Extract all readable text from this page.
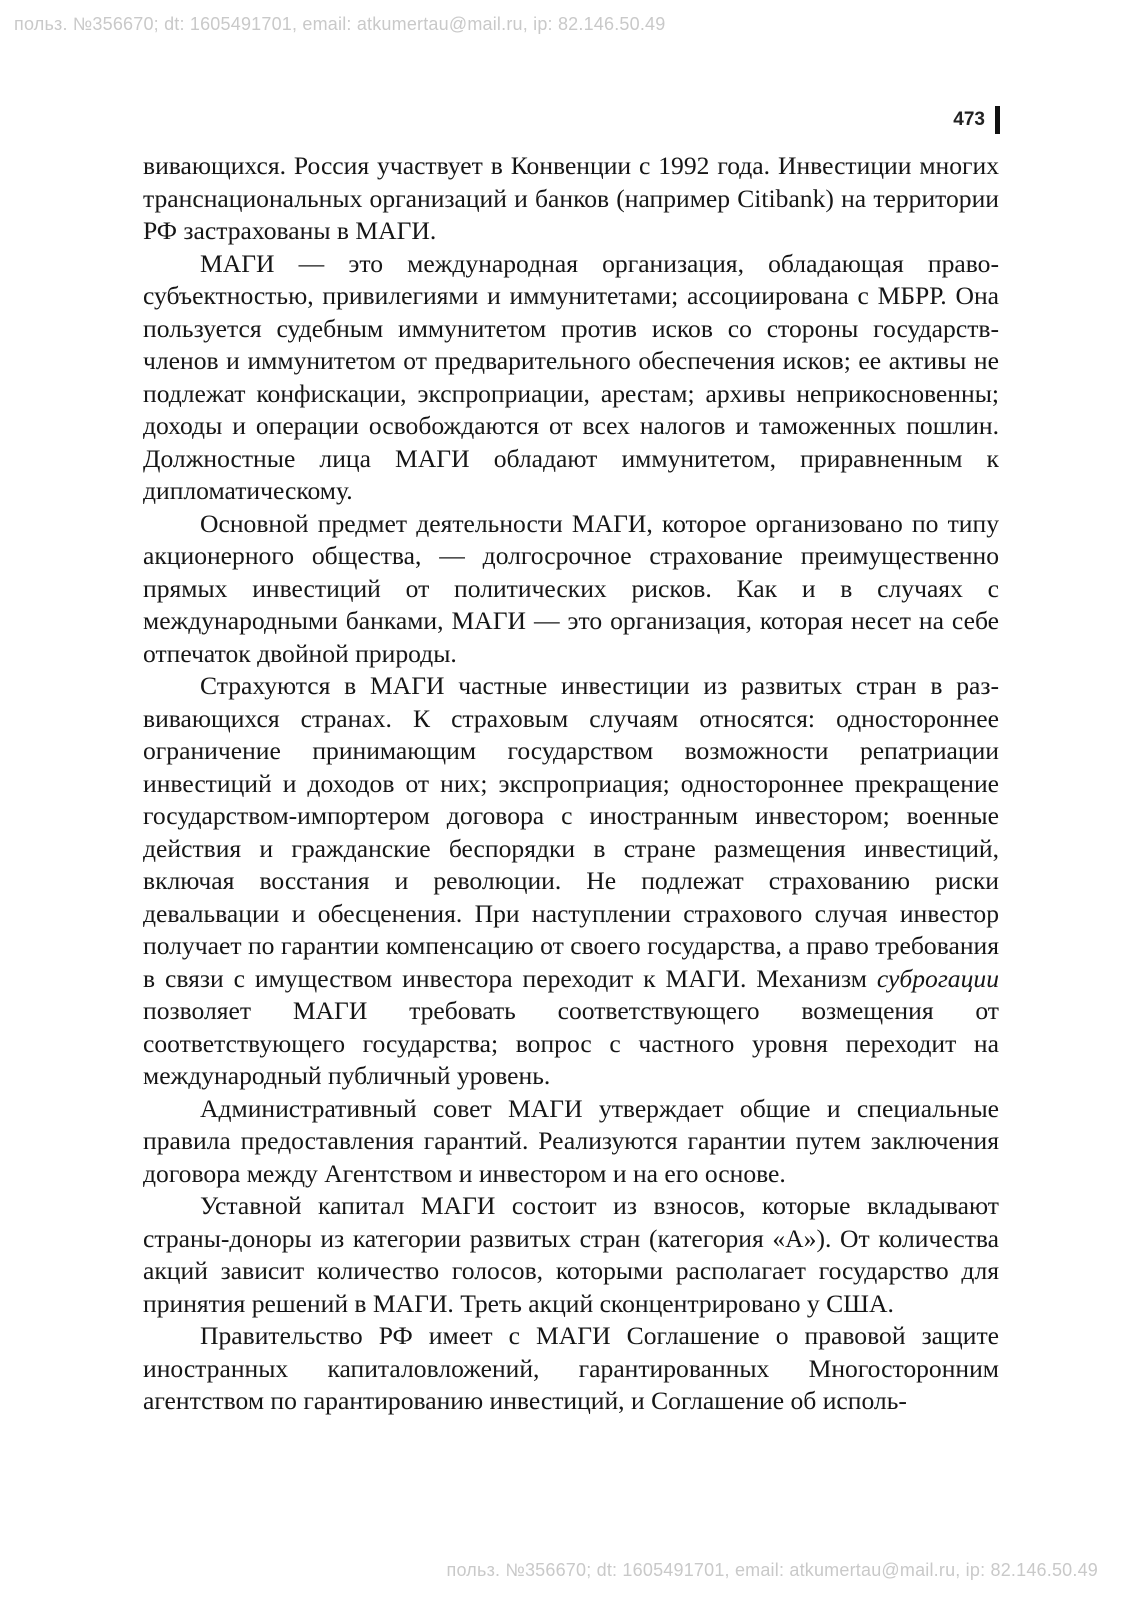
польз. №356670; dt: 1605491701, email: atkumertau@mail.ru, ip: 82.146.50.49
473

вивающихся. Россия участвует в Конвенции с 1992 года. Инвестиции многих транснациональных организаций и банков (например Citibank) на территории РФ застрахованы в МАГИ.

МАГИ — это международная организация, обладающая правосубъектностью, привилегиями и иммунитетами; ассоциирована с МБРР. Она пользуется судебным иммунитетом против исков со стороны государств-членов и иммунитетом от предварительного обеспечения исков; ее активы не подлежат конфискации, экспроприации, арестам; архивы неприкосновенны; доходы и операции освобождаются от всех налогов и таможенных пошлин. Должностные лица МАГИ обладают иммунитетом, приравненным к дипломатическому.

Основной предмет деятельности МАГИ, которое организовано по типу акционерного общества, — долгосрочное страхование преимущественно прямых инвестиций от политических рисков. Как и в случаях с международными банками, МАГИ — это организация, которая несет на себе отпечаток двойной природы.

Страхуются в МАГИ частные инвестиции из развитых стран в развивающихся странах. К страховым случаям относятся: одностороннее ограничение принимающим государством возможности репатриации инвестиций и доходов от них; экспроприация; одностороннее прекращение государством-импортером договора с иностранным инвестором; военные действия и гражданские беспорядки в стране размещения инвестиций, включая восстания и революции. Не подлежат страхованию риски девальвации и обесценения. При наступлении страхового случая инвестор получает по гарантии компенсацию от своего государства, а право требования в связи с имуществом инвестора переходит к МАГИ. Механизм суброгации позволяет МАГИ требовать соответствующего возмещения от соответствующего государства; вопрос с частного уровня переходит на международный публичный уровень.

Административный совет МАГИ утверждает общие и специальные правила предоставления гарантий. Реализуются гарантии путем заключения договора между Агентством и инвестором и на его основе.

Уставной капитал МАГИ состоит из взносов, которые вкладывают страны-доноры из категории развитых стран (категория «А»). От количества акций зависит количество голосов, которыми располагает государство для принятия решений в МАГИ. Треть акций сконцентрировано у США.

Правительство РФ имеет с МАГИ Соглашение о правовой защите иностранных капиталовложений, гарантированных Многосторонним агентством по гарантированию инвестиций, и Соглашение об исполь-

польз. №356670; dt: 1605491701, email: atkumertau@mail.ru, ip: 82.146.50.49
